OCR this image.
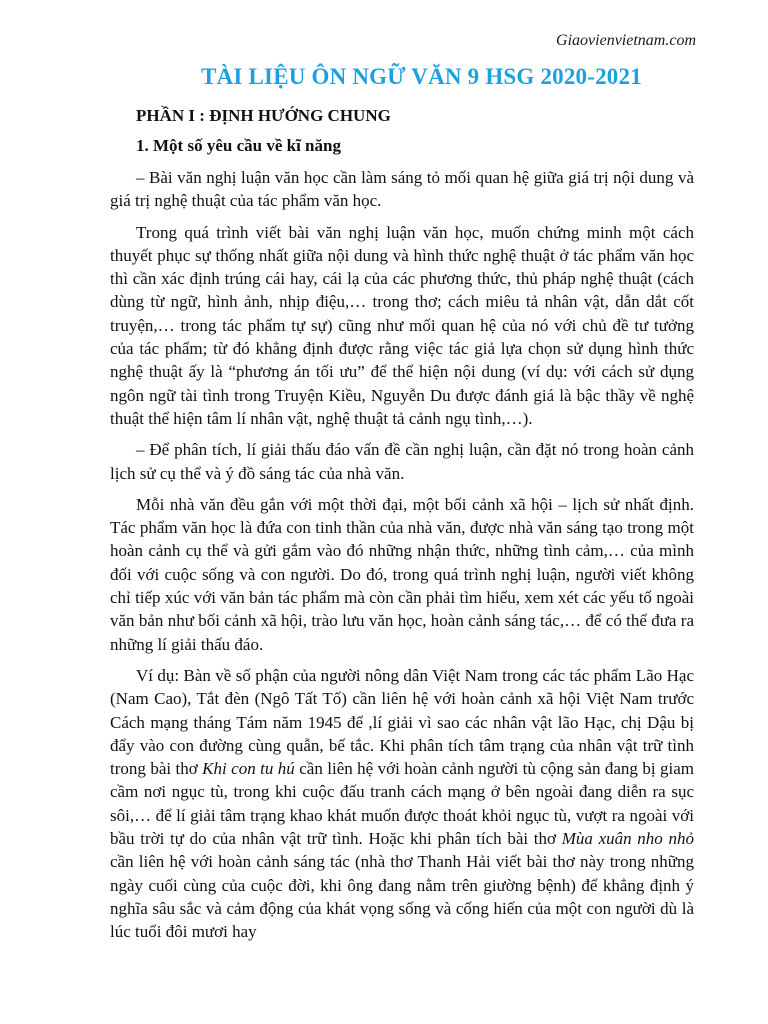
Giaovienvietnam.com
TÀI LIỆU ÔN NGỮ VĂN 9 HSG 2020-2021
PHẦN I : ĐỊNH HƯỚNG CHUNG
1. Một số yêu cầu về kĩ năng

– Bài văn nghị luận văn học cần làm sáng tỏ mối quan hệ giữa giá trị nội dung và giá trị nghệ thuật của tác phẩm văn học.

Trong quá trình viết bài văn nghị luận văn học, muốn chứng minh một cách thuyết phục sự thống nhất giữa nội dung và hình thức nghệ thuật ở tác phẩm văn học thì cần xác định trúng cái hay, cái lạ của các phương thức, thủ pháp nghệ thuật (cách dùng từ ngữ, hình ảnh, nhịp điệu,… trong thơ; cách miêu tả nhân vật, dẫn dắt cốt truyện,… trong tác phẩm tự sự) cũng như mối quan hệ của nó với chủ đề tư tưởng của tác phẩm; từ đó khẳng định được rằng việc tác giả lựa chọn sử dụng hình thức nghệ thuật ấy là “phương án tối ưu” để thể hiện nội dung (ví dụ: với cách sử dụng ngôn ngữ tài tình trong Truyện Kiều, Nguyễn Du được đánh giá là bậc thầy về nghệ thuật thể hiện tâm lí nhân vật, nghệ thuật tả cảnh ngụ tình,…).

– Để phân tích, lí giải thấu đáo vấn đề cần nghị luận, cần đặt nó trong hoàn cảnh lịch sử cụ thể và ý đồ sáng tác của nhà văn.

Mỗi nhà văn đều gắn với một thời đại, một bối cảnh xã hội – lịch sử nhất định. Tác phẩm văn học là đứa con tinh thần của nhà văn, được nhà văn sáng tạo trong một hoàn cảnh cụ thể và gửi gắm vào đó những nhận thức, những tình cảm,… của mình đối với cuộc sống và con người. Do đó, trong quá trình nghị luận, người viết không chỉ tiếp xúc với văn bản tác phẩm mà còn cần phải tìm hiểu, xem xét các yếu tố ngoài văn bản như bối cảnh xã hội, trào lưu văn học, hoàn cảnh sáng tác,… để có thể đưa ra những lí giải thấu đáo.

Ví dụ: Bàn về số phận của người nông dân Việt Nam trong các tác phẩm Lão Hạc (Nam Cao), Tắt đèn (Ngô Tất Tố) cần liên hệ với hoàn cảnh xã hội Việt Nam trước Cách mạng tháng Tám năm 1945 để ,lí giải vì sao các nhân vật lão Hạc, chị Dậu bị đẩy vào con đường cùng quẫn, bế tắc. Khi phân tích tâm trạng của nhân vật trữ tình trong bài thơ Khi con tu hú cần liên hệ với hoàn cảnh người tù cộng sản đang bị giam cầm nơi ngục tù, trong khi cuộc đấu tranh cách mạng ở bên ngoài đang diễn ra sục sôi,… để lí giải tâm trạng khao khát muốn được thoát khỏi ngục tù, vượt ra ngoài với bầu trời tự do của nhân vật trữ tình. Hoặc khi phân tích bài thơ Mùa xuân nho nhỏ cần liên hệ với hoàn cảnh sáng tác (nhà thơ Thanh Hải viết bài thơ này trong những ngày cuối cùng của cuộc đời, khi ông đang nằm trên giường bệnh) để khẳng định ý nghĩa sâu sắc và cảm động của khát vọng sống và cống hiến của một con người dù là lúc tuổi đôi mươi hay
